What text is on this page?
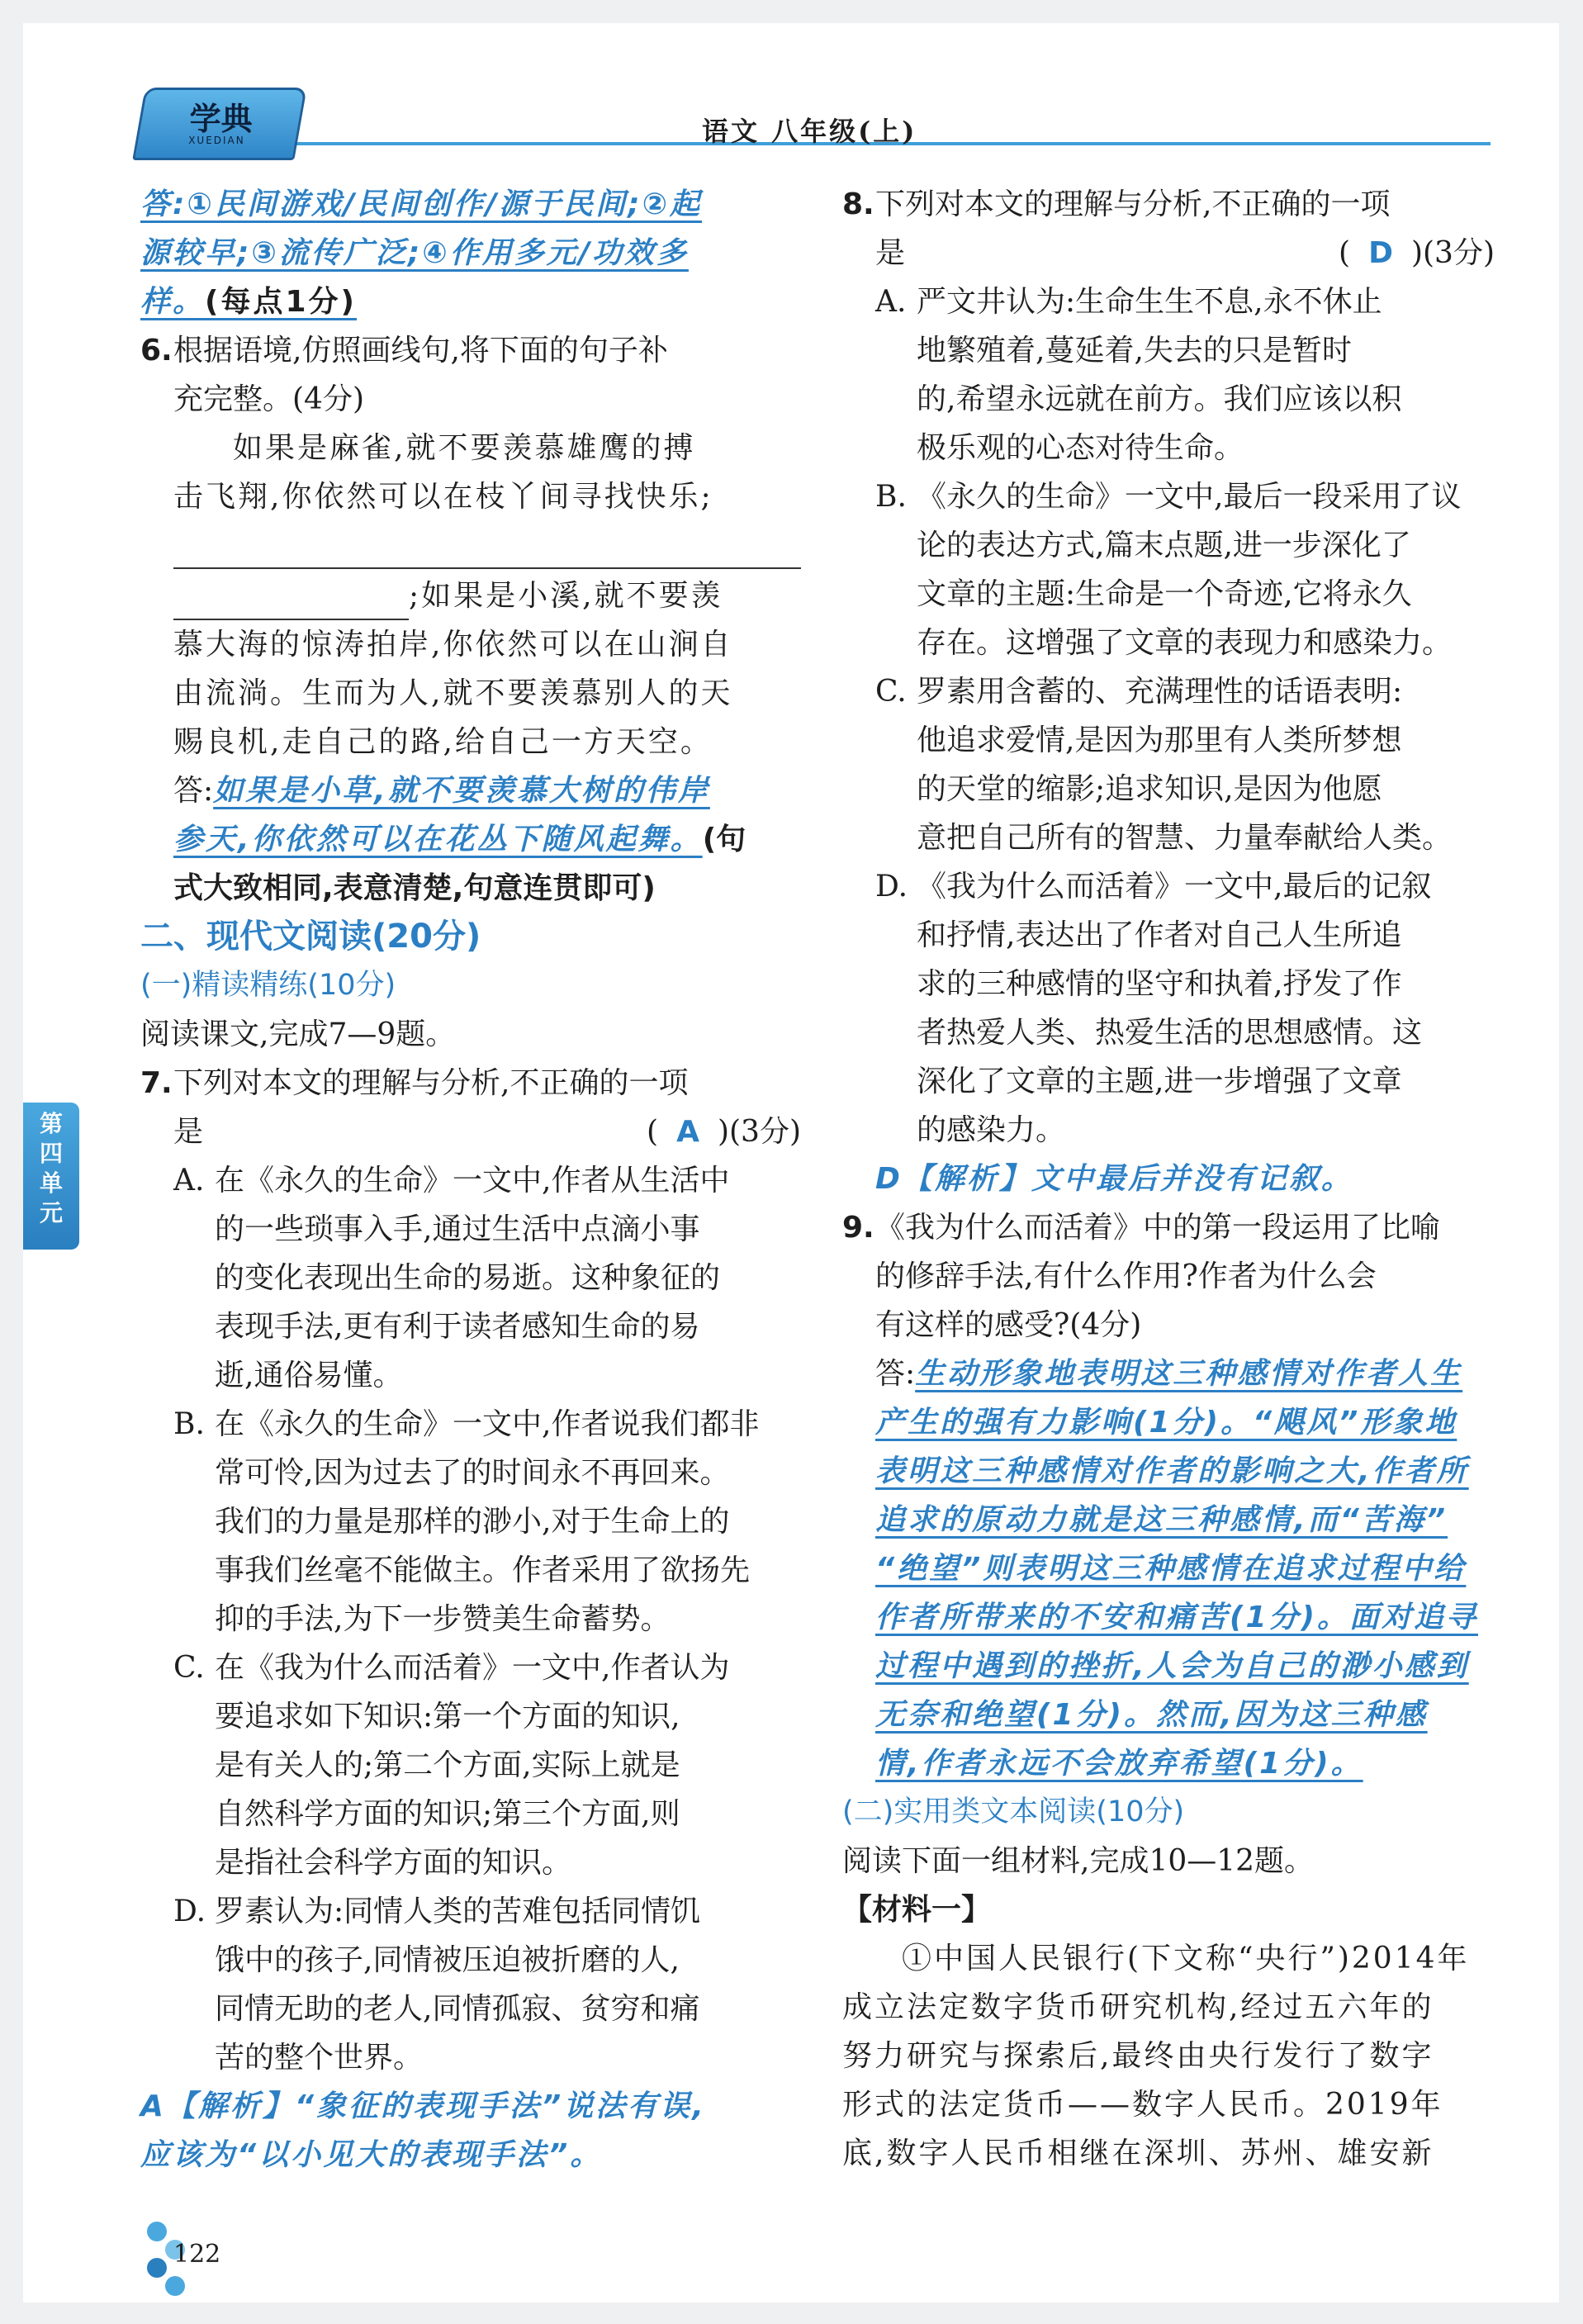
学典
XUEDIAN	语文 八年级(上)
第
四
单
元

答:①民间游戏/民间创作/源于民间;②起

源较早;③流传广泛;④作用多元/功效多

样。(每点1分)

6. 根据语境,仿照画线句,将下面的句子补

充完整。(4分)

如果是麻雀,就不要羡慕雄鹰的搏

击飞翔,你依然可以在枝丫间寻找快乐;

;如果是小溪,就不要羡

慕大海的惊涛拍岸,你依然可以在山涧自

由流淌。生而为人,就不要羡慕别人的天

赐良机,走自己的路,给自己一方天空。

答:如果是小草,就不要羡慕大树的伟岸

参天,你依然可以在花丛下随风起舞。(句

式大致相同,表意清楚,句意连贯即可)

二、现代文阅读(20分)

(一)精读精练(10分)

阅读课文,完成7—9题。

7. 下列对本文的理解与分析,不正确的一项

是	( A )(3分)

A. 在《永久的生命》一文中,作者从生活中

的一些琐事入手,通过生活中点滴小事

的变化表现出生命的易逝。这种象征的

表现手法,更有利于读者感知生命的易

逝,通俗易懂。

B. 在《永久的生命》一文中,作者说我们都非

常可怜,因为过去了的时间永不再回来。

我们的力量是那样的渺小,对于生命上的

事我们丝毫不能做主。作者采用了欲扬先

抑的手法,为下一步赞美生命蓄势。

C. 在《我为什么而活着》一文中,作者认为

要追求如下知识:第一个方面的知识,

是有关人的;第二个方面,实际上就是

自然科学方面的知识;第三个方面,则

是指社会科学方面的知识。

D. 罗素认为:同情人类的苦难包括同情饥

饿中的孩子,同情被压迫被折磨的人,

同情无助的老人,同情孤寂、贫穷和痛

苦的整个世界。

A【解析】“象征的表现手法”说法有误,

应该为“以小见大的表现手法”。

8. 下列对本文的理解与分析,不正确的一项

是	( D )(3分)

A. 严文井认为:生命生生不息,永不休止

地繁殖着,蔓延着,失去的只是暂时

的,希望永远就在前方。我们应该以积

极乐观的心态对待生命。

B. 《永久的生命》一文中,最后一段采用了议

论的表达方式,篇末点题,进一步深化了

文章的主题:生命是一个奇迹,它将永久

存在。这增强了文章的表现力和感染力。

C. 罗素用含蓄的、充满理性的话语表明:

他追求爱情,是因为那里有人类所梦想

的天堂的缩影;追求知识,是因为他愿

意把自己所有的智慧、力量奉献给人类。

D. 《我为什么而活着》一文中,最后的记叙

和抒情,表达出了作者对自己人生所追

求的三种感情的坚守和执着,抒发了作

者热爱人类、热爱生活的思想感情。这

深化了文章的主题,进一步增强了文章

的感染力。

D【解析】文中最后并没有记叙。

9. 《我为什么而活着》中的第一段运用了比喻

的修辞手法,有什么作用?作者为什么会

有这样的感受?(4分)

答:生动形象地表明这三种感情对作者人生

产生的强有力影响(1分)。“飓风”形象地

表明这三种感情对作者的影响之大,作者所

追求的原动力就是这三种感情,而“苦海”

“绝望”则表明这三种感情在追求过程中给

作者所带来的不安和痛苦(1分)。面对追寻

过程中遇到的挫折,人会为自己的渺小感到

无奈和绝望(1分)。然而,因为这三种感

情,作者永远不会放弃希望(1分)。

(二)实用类文本阅读(10分)

阅读下面一组材料,完成10—12题。

【材料一】

①中国人民银行(下文称“央行”)2014年

成立法定数字货币研究机构,经过五六年的

努力研究与探索后,最终由央行发行了数字

形式的法定货币——数字人民币。2019年

底,数字人民币相继在深圳、苏州、雄安新

122
